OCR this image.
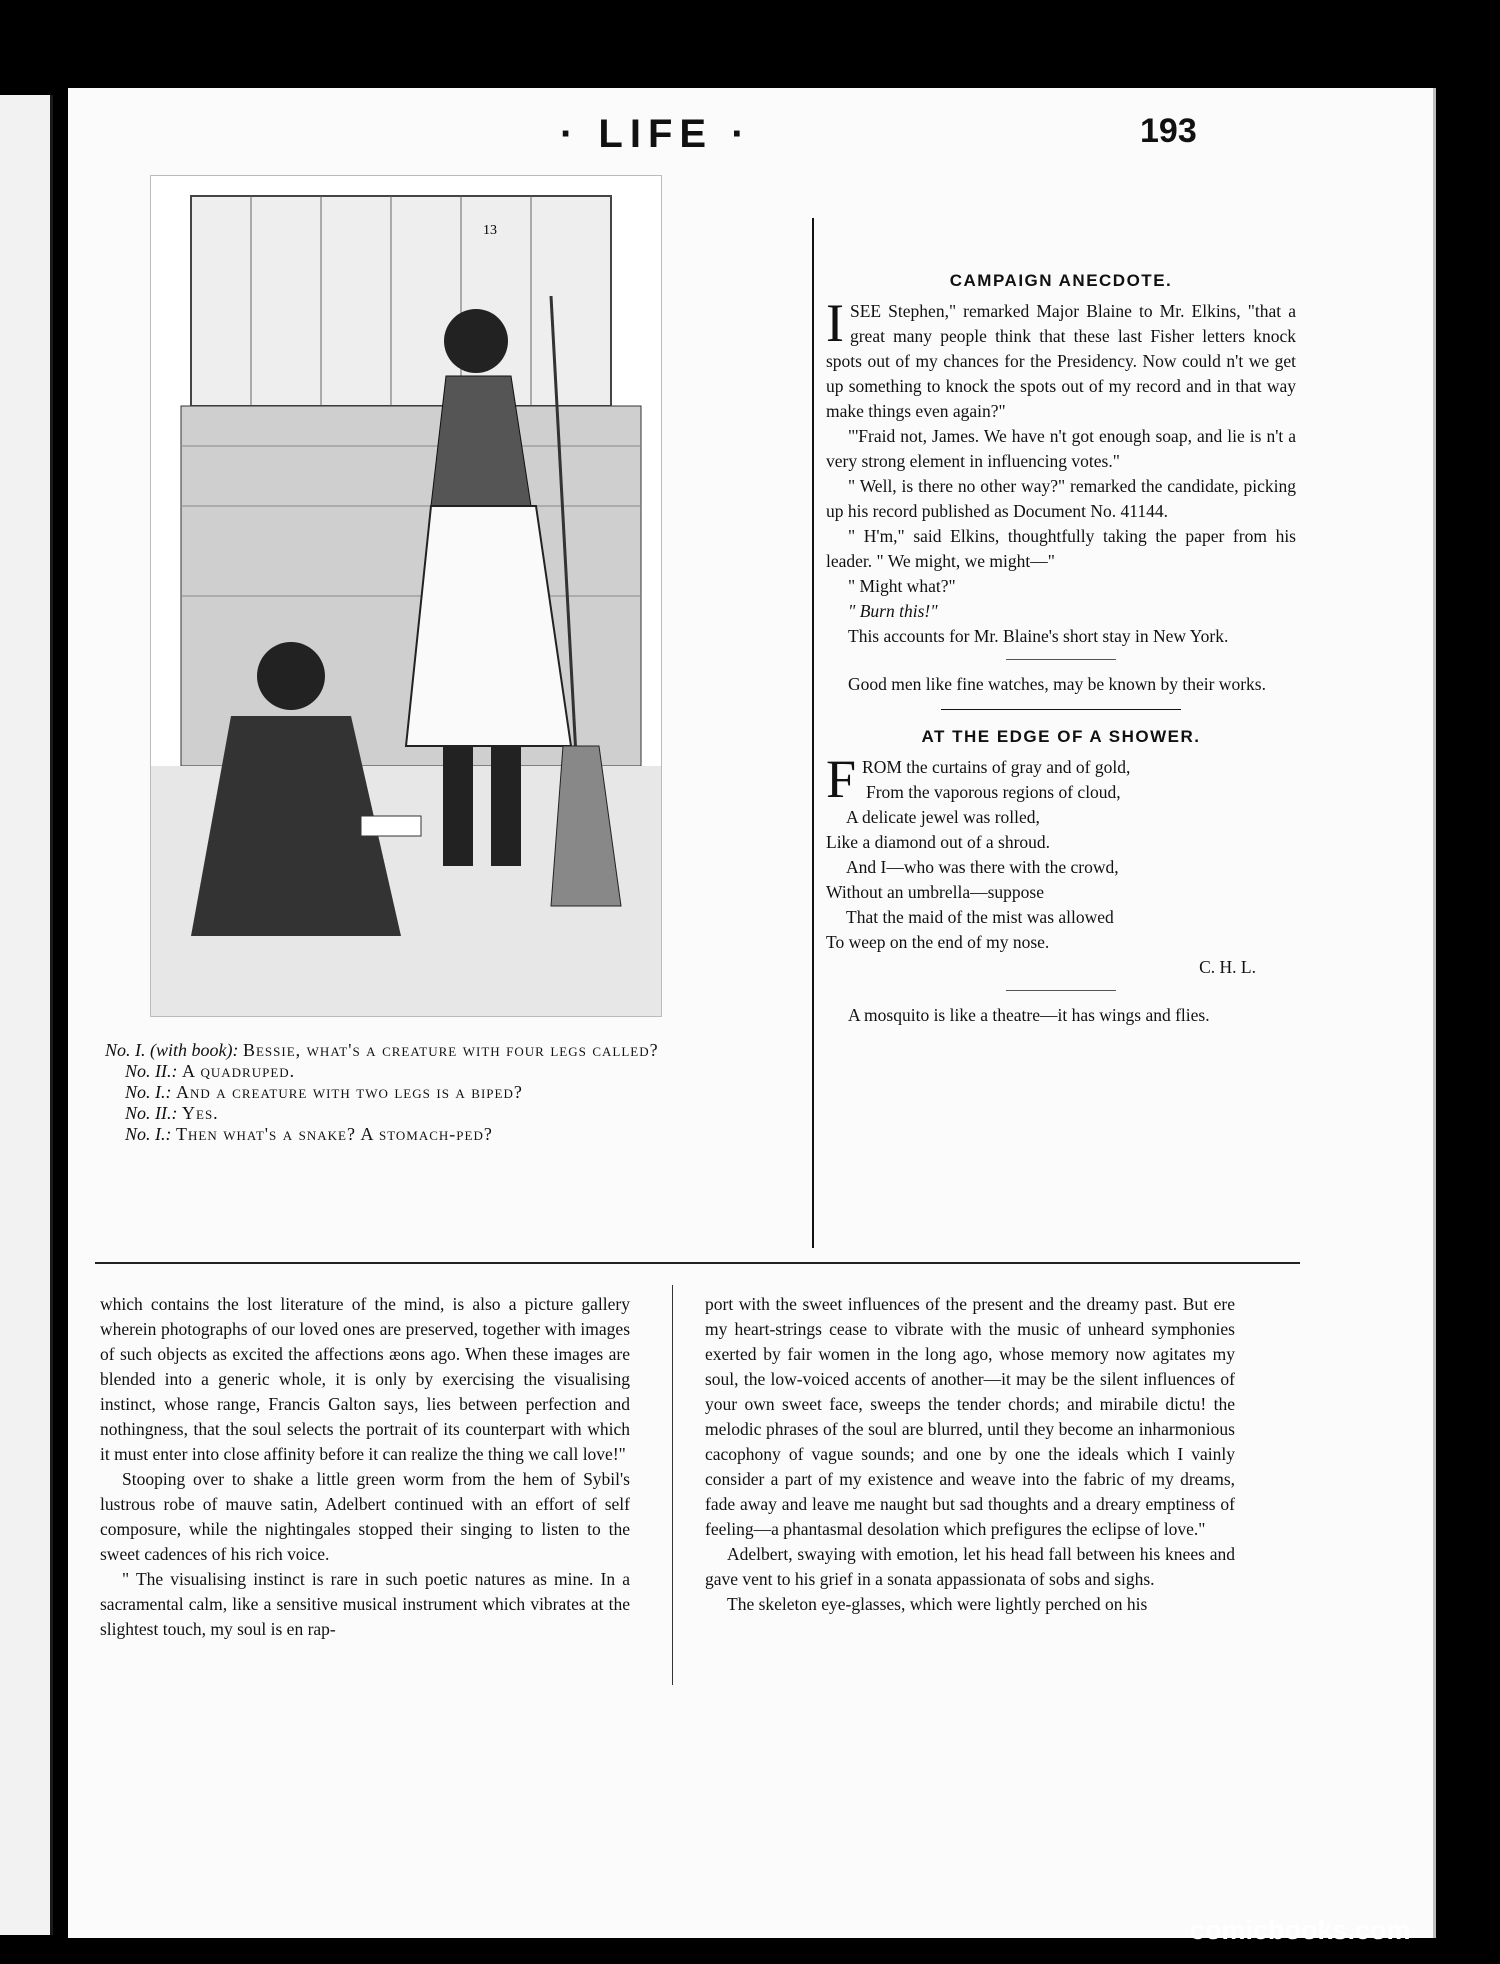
· LIFE ·	193
13

No. I. (with book): Bessie, what's a creature with four legs called?

No. II.: A quadruped.

No. I.: And a creature with two legs is a biped?

No. II.: Yes.

No. I.: Then what's a snake? A stomach-ped?

CAMPAIGN ANECDOTE.

ISEE Stephen," remarked Major Blaine to Mr. Elkins, "that a great many people think that these last Fisher letters knock spots out of my chances for the Presidency. Now could n't we get up something to knock the spots out of my record and in that way make things even again?"

"'Fraid not, James. We have n't got enough soap, and lie is n't a very strong element in influencing votes."

" Well, is there no other way?" remarked the candidate, picking up his record published as Document No. 41144.

" H'm," said Elkins, thoughtfully taking the paper from his leader. " We might, we might—"

" Might what?"

" Burn this!"

This accounts for Mr. Blaine's short stay in New York.

Good men like fine watches, may be known by their works.

AT THE EDGE OF A SHOWER.

FROM the curtains of gray and of gold,

From the vaporous regions of cloud,

A delicate jewel was rolled,

Like a diamond out of a shroud.

And I—who was there with the crowd,

Without an umbrella—suppose

That the maid of the mist was allowed

To weep on the end of my nose.

C. H. L.

A mosquito is like a theatre—it has wings and flies.

which contains the lost literature of the mind, is also a picture gallery wherein photographs of our loved ones are preserved, together with images of such objects as excited the affections æons ago. When these images are blended into a generic whole, it is only by exercising the visualising instinct, whose range, Francis Galton says, lies between perfection and nothingness, that the soul selects the portrait of its counterpart with which it must enter into close affinity before it can realize the thing we call love!"

Stooping over to shake a little green worm from the hem of Sybil's lustrous robe of mauve satin, Adelbert continued with an effort of self composure, while the nightingales stopped their singing to listen to the sweet cadences of his rich voice.

" The visualising instinct is rare in such poetic natures as mine. In a sacramental calm, like a sensitive musical instrument which vibrates at the slightest touch, my soul is en rap-

port with the sweet influences of the present and the dreamy past. But ere my heart-strings cease to vibrate with the music of unheard symphonies exerted by fair women in the long ago, whose memory now agitates my soul, the low-voiced accents of another—it may be the silent influences of your own sweet face, sweeps the tender chords; and mirabile dictu! the melodic phrases of the soul are blurred, until they become an inharmonious cacophony of vague sounds; and one by one the ideals which I vainly consider a part of my existence and weave into the fabric of my dreams, fade away and leave me naught but sad thoughts and a dreary emptiness of feeling—a phantasmal desolation which prefigures the eclipse of love."

Adelbert, swaying with emotion, let his head fall between his knees and gave vent to his grief in a sonata appassionata of sobs and sighs.

The skeleton eye-glasses, which were lightly perched on his

comicbooks.com
